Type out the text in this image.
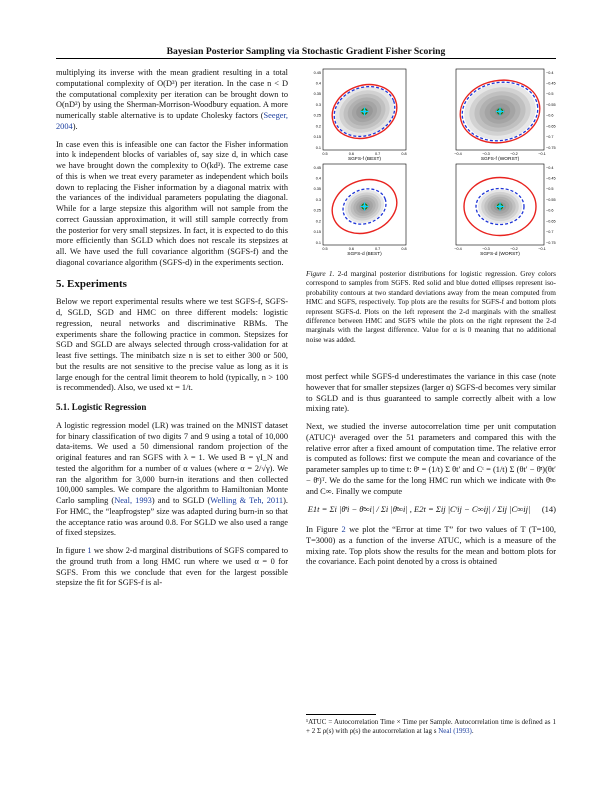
Bayesian Posterior Sampling via Stochastic Gradient Fisher Scoring

multiplying its inverse with the mean gradient resulting in a total computational complexity of O(D³) per iteration. In the case n < D the computational complexity per iteration can be brought down to O(nD²) by using the Sherman-Morrison-Woodbury equation. A more numerically stable alternative is to update Cholesky factors (Seeger, 2004).

In case even this is infeasible one can factor the Fisher information into k independent blocks of variables of, say size d, in which case we have brought down the complexity to O(kd³). The extreme case of this is when we treat every parameter as independent which boils down to replacing the Fisher information by a diagonal matrix with the variances of the individual parameters populating the diagonal. While for a large stepsize this algorithm will not sample from the correct Gaussian approximation, it will still sample correctly from the posterior for very small stepsizes. In fact, it is expected to do this more efficiently than SGLD which does not rescale its stepsizes at all. We have used the full covariance algorithm (SGFS-f) and the diagonal covariance algorithm (SGFS-d) in the experiments section.

5. Experiments

Below we report experimental results where we test SGFS-f, SGFS-d, SGLD, SGD and HMC on three different models: logistic regression, neural networks and discriminative RBMs. The experiments share the following practice in common. Stepsizes for SGD and SGLD are always selected through cross-validation for at least five settings. The minibatch size n is set to either 300 or 500, but the results are not sensitive to the precise value as long as it is large enough for the central limit theorem to hold (typically, n > 100 is recommended). Also, we used κt = 1/t.

5.1. Logistic Regression

A logistic regression model (LR) was trained on the MNIST dataset for binary classification of two digits 7 and 9 using a total of 10,000 data-items. We used a 50 dimensional random projection of the original features and ran SGFS with λ = 1. We used B = γI_N and tested the algorithm for a number of α values (where α = 2/√γ). We ran the algorithm for 3,000 burn-in iterations and then collected 100,000 samples. We compare the algorithm to Hamiltonian Monte Carlo sampling (Neal, 1993) and to SGLD (Welling & Teh, 2011). For HMC, the “leapfrogstep” size was adapted during burn-in so that the acceptance ratio was around 0.8. For SGLD we also used a range of fixed stepsizes.

In figure 1 we show 2-d marginal distributions of SGFS compared to the ground truth from a long HMC run where we used α = 0 for SGFS. From this we conclude that even for the largest possible stepsize the fit for SGFS-f is al-

0.45
0.4
0.35
0.3
0.25
0.2
0.15
0.1
0.5	0.6	0.7	0.8
SGFS-f (BEST)
−0.4
−0.45
−0.5
−0.55
−0.6
−0.65
−0.7
−0.75
−0.4	−0.3	−0.2	−0.1
SGFS-f (WORST)
0.45
0.4
0.35
0.3
0.25
0.2
0.15
0.1
0.5	0.6	0.7	0.8
SGFS-d (BEST)
−0.4
−0.45
−0.5
−0.55
−0.6
−0.65
−0.7
−0.75
−0.4	−0.3	−0.2	−0.1
SGFS-d (WORST)
Figure 1. 2-d marginal posterior distributions for logistic regression. Grey colors correspond to samples from SGFS. Red solid and blue dotted ellipses represent iso-probability contours at two standard deviations away from the mean computed from HMC and SGFS, respectively. Top plots are the results for SGFS-f and bottom plots represent SGFS-d. Plots on the left represent the 2-d marginals with the smallest difference between HMC and SGFS while the plots on the right represent the 2-d marginals with the largest difference. Value for α is 0 meaning that no additional noise was added.

most perfect while SGFS-d underestimates the variance in this case (note however that for smaller stepsizes (larger α) SGFS-d becomes very similar to SGLD and is thus guaranteed to sample correctly albeit with a low mixing rate).

Next, we studied the inverse autocorrelation time per unit computation (ATUC)¹ averaged over the 51 parameters and compared this with the relative error after a fixed amount of computation time. The relative error is computed as follows: first we compute the mean and covariance of the parameter samples up to time t: θ̄ᵗ = (1/t) Σ θt′ and Cᵗ = (1/t) Σ (θt′ − θ̄ᵗ)(θt′ − θ̄ᵗ)ᵀ. We do the same for the long HMC run which we indicate with θ̄∞ and C∞. Finally we compute

E1t = Σi |θ̄ᵗi − θ̄∞i| / Σi |θ̄∞i| , E2t = Σij |Cᵗij − C∞ij| / Σij |C∞ij|	(14)

In Figure 2 we plot the “Error at time T” for two values of T (T=100, T=3000) as a function of the inverse ATUC, which is a measure of the mixing rate. Top plots show the results for the mean and bottom plots for the covariance. Each point denoted by a cross is obtained

¹ATUC = Autocorrelation Time × Time per Sample. Autocorrelation time is defined as 1 + 2 Σ ρ(s) with ρ(s) the autocorrelation at lag s Neal (1993).
